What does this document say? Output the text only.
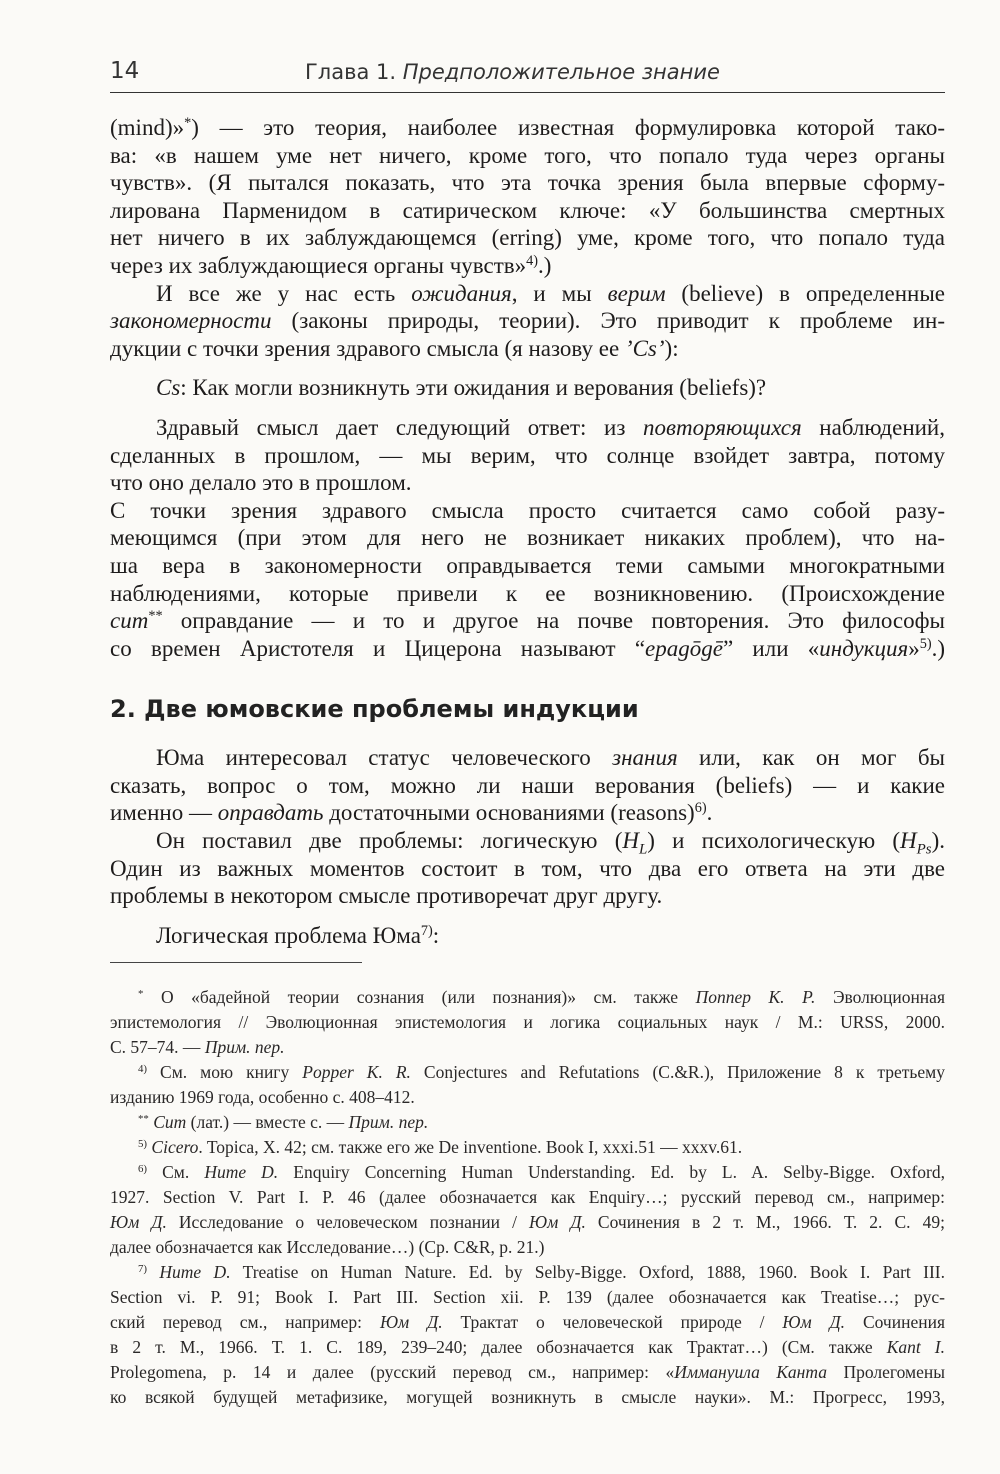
14	Глава 1. Предположительное знание
(mind)»*) — это теория, наиболее известная формулировка которой тако-
ва: «в нашем уме нет ничего, кроме того, что попало туда через органы
чувств». (Я пытался показать, что эта точка зрения была впервые сформу-
лирована Парменидом в сатирическом ключе: «У большинства смертных
нет ничего в их заблуждающемся (erring) уме, кроме того, что попало туда
через их заблуждающиеся органы чувств»$^{4)}$.)
И все же у нас есть ожидания, и мы верим (believe) в определенные
закономерности (законы природы, теории). Это приводит к проблеме ин-
дукции с точки зрения здравого смысла (я назову ее ’Cs’):
Cs: Как могли возникнуть эти ожидания и верования (beliefs)?
Здравый смысл дает следующий ответ: из повторяющихся наблюдений,
сделанных в прошлом, — мы верим, что солнце взойдет завтра, потому
что оно делало это в прошлом.
С точки зрения здравого смысла просто считается само собой разу-
меющимся (при этом для него не возникает никаких проблем), что на-
ша вера в закономерности оправдывается теми самыми многократными
наблюдениями, которые привели к ее возникновению. (Происхождение
cum** оправдание — и то и другое на почве повторения. Это философы
со времен Аристотеля и Цицерона называют “epagōgē” или «индукция»$^{5)}$.)
2. Две юмовские проблемы индукции
Юма интересовал статус человеческого знания или, как он мог бы
сказать, вопрос о том, можно ли наши верования (beliefs) — и какие
именно — оправдать достаточными основаниями (reasons)$^{6)}$.
Он поставил две проблемы: логическую $(H_L)$ и психологическую $(H_{Ps})$.
Один из важных моментов состоит в том, что два его ответа на эти две
проблемы в некотором смысле противоречат друг другу.
Логическая проблема Юма$^{7)}$:
* О «бадейной теории сознания (или познания)» см. также Поппер К. Р. Эволюционная
эпистемология // Эволюционная эпистемология и логика социальных наук / М.: URSS, 2000.
С. 57–74. — Прим. пер.
$^{4)}$ См. мою книгу Popper K. R. Conjectures and Refutations (C.&R.), Приложение 8 к третьему
изданию 1969 года, особенно с. 408–412.
** Cum (лат.) — вместе с. — Прим. пер.
$^{5)}$ Cicero. Topica, X. 42; см. также его же De inventione. Book I, xxxi.51 — xxxv.61.
$^{6)}$ См. Hume D. Enquiry Concerning Human Understanding. Ed. by L. A. Selby-Bigge. Oxford,
1927. Section V. Part I. P. 46 (далее обозначается как Enquiry…; русский перевод см., например:
Юм Д. Исследование о человеческом познании / Юм Д. Сочинения в 2 т. М., 1966. Т. 2. С. 49;
далее обозначается как Исследование…) (Ср. C&R, p. 21.)
$^{7)}$ Hume D. Treatise on Human Nature. Ed. by Selby-Bigge. Oxford, 1888, 1960. Book I. Part III.
Section vi. P. 91; Book I. Part III. Section xii. P. 139 (далее обозначается как Treatise…; рус-
ский перевод см., например: Юм Д. Трактат о человеческой природе / Юм Д. Сочинения
в 2 т. М., 1966. Т. 1. С. 189, 239–240; далее обозначается как Трактат…) (См. также Kant I.
Prolegomena, p. 14 и далее (русский перевод см., например: «Иммануила Канта Пролегомены
ко всякой будущей метафизике, могущей возникнуть в смысле науки». М.: Прогресс, 1993,
